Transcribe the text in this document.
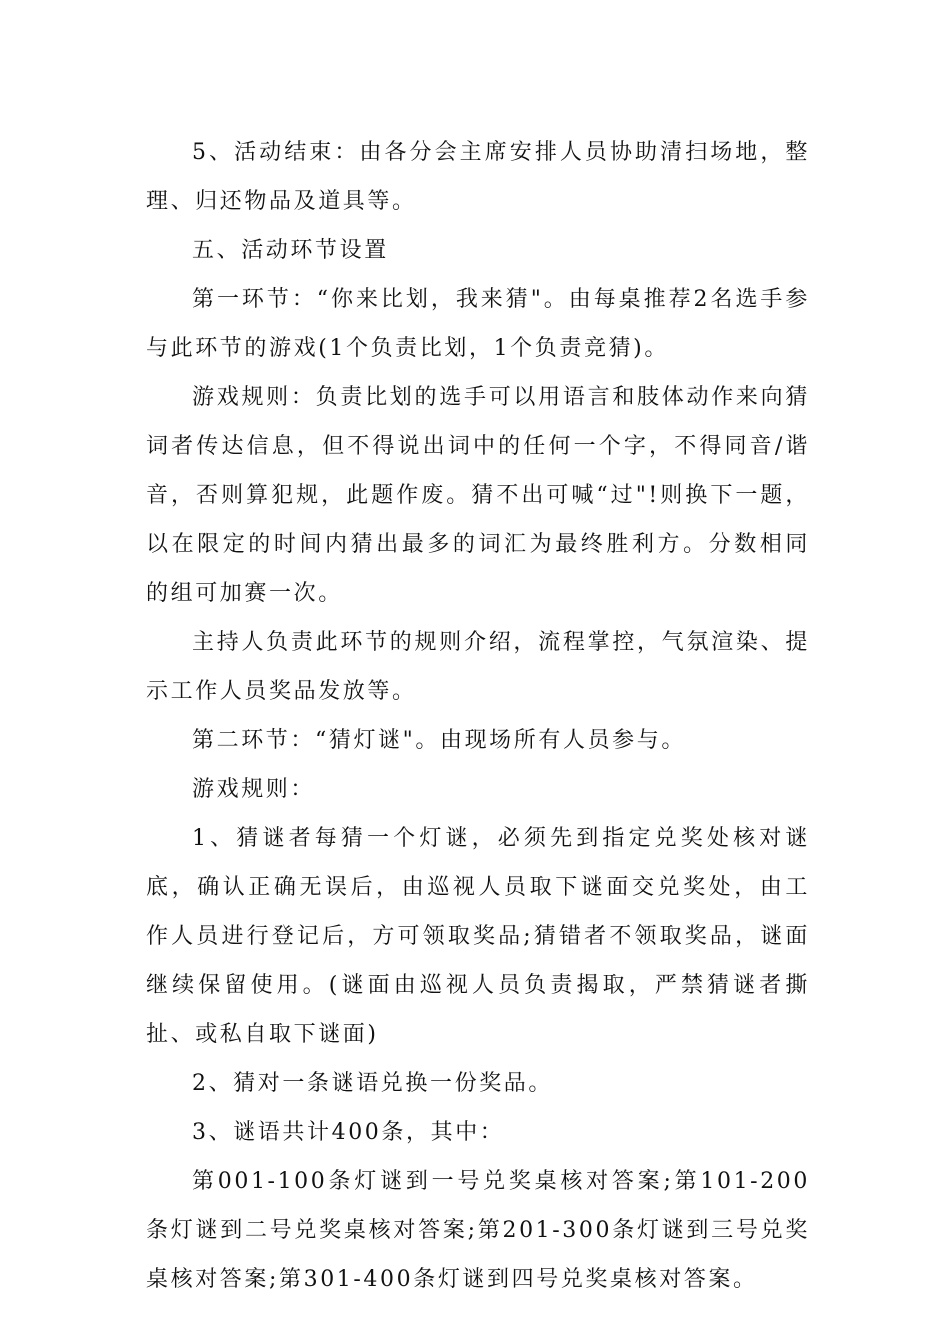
5、活动结束：由各分会主席安排人员协助清扫场地，整理、归还物品及道具等。

五、活动环节设置

第一环节：“你来比划，我来猜"。由每桌推荐2名选手参与此环节的游戏(1个负责比划，1个负责竞猜)。

游戏规则：负责比划的选手可以用语言和肢体动作来向猜词者传达信息，但不得说出词中的任何一个字，不得同音/谐音，否则算犯规，此题作废。猜不出可喊“过"!则换下一题，以在限定的时间内猜出最多的词汇为最终胜利方。分数相同的组可加赛一次。

主持人负责此环节的规则介绍，流程掌控，气氛渲染、提示工作人员奖品发放等。

第二环节：“猜灯谜"。由现场所有人员参与。

游戏规则：

1、猜谜者每猜一个灯谜，必须先到指定兑奖处核对谜底，确认正确无误后，由巡视人员取下谜面交兑奖处，由工作人员进行登记后，方可领取奖品;猜错者不领取奖品，谜面继续保留使用。(谜面由巡视人员负责揭取，严禁猜谜者撕扯、或私自取下谜面)

2、猜对一条谜语兑换一份奖品。

3、谜语共计400条，其中：

第001-100条灯谜到一号兑奖桌核对答案;第101-200条灯谜到二号兑奖桌核对答案;第201-300条灯谜到三号兑奖桌核对答案;第301-400条灯谜到四号兑奖桌核对答案。
